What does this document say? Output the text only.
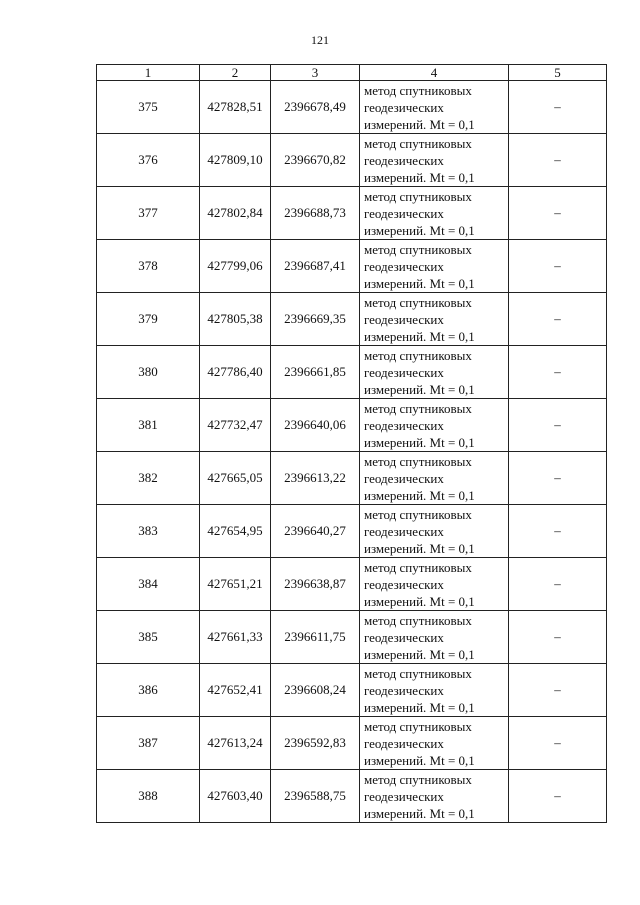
121
1	2	3	4	5
375	427828,51	2396678,49	метод спутниковых
геодезических
измерений. Mt = 0,1	–
376	427809,10	2396670,82	метод спутниковых
геодезических
измерений. Mt = 0,1	–
377	427802,84	2396688,73	метод спутниковых
геодезических
измерений. Mt = 0,1	–
378	427799,06	2396687,41	метод спутниковых
геодезических
измерений. Mt = 0,1	–
379	427805,38	2396669,35	метод спутниковых
геодезических
измерений. Mt = 0,1	–
380	427786,40	2396661,85	метод спутниковых
геодезических
измерений. Mt = 0,1	–
381	427732,47	2396640,06	метод спутниковых
геодезических
измерений. Mt = 0,1	–
382	427665,05	2396613,22	метод спутниковых
геодезических
измерений. Mt = 0,1	–
383	427654,95	2396640,27	метод спутниковых
геодезических
измерений. Mt = 0,1	–
384	427651,21	2396638,87	метод спутниковых
геодезических
измерений. Mt = 0,1	–
385	427661,33	2396611,75	метод спутниковых
геодезических
измерений. Mt = 0,1	–
386	427652,41	2396608,24	метод спутниковых
геодезических
измерений. Mt = 0,1	–
387	427613,24	2396592,83	метод спутниковых
геодезических
измерений. Mt = 0,1	–
388	427603,40	2396588,75	метод спутниковых
геодезических
измерений. Mt = 0,1	–
